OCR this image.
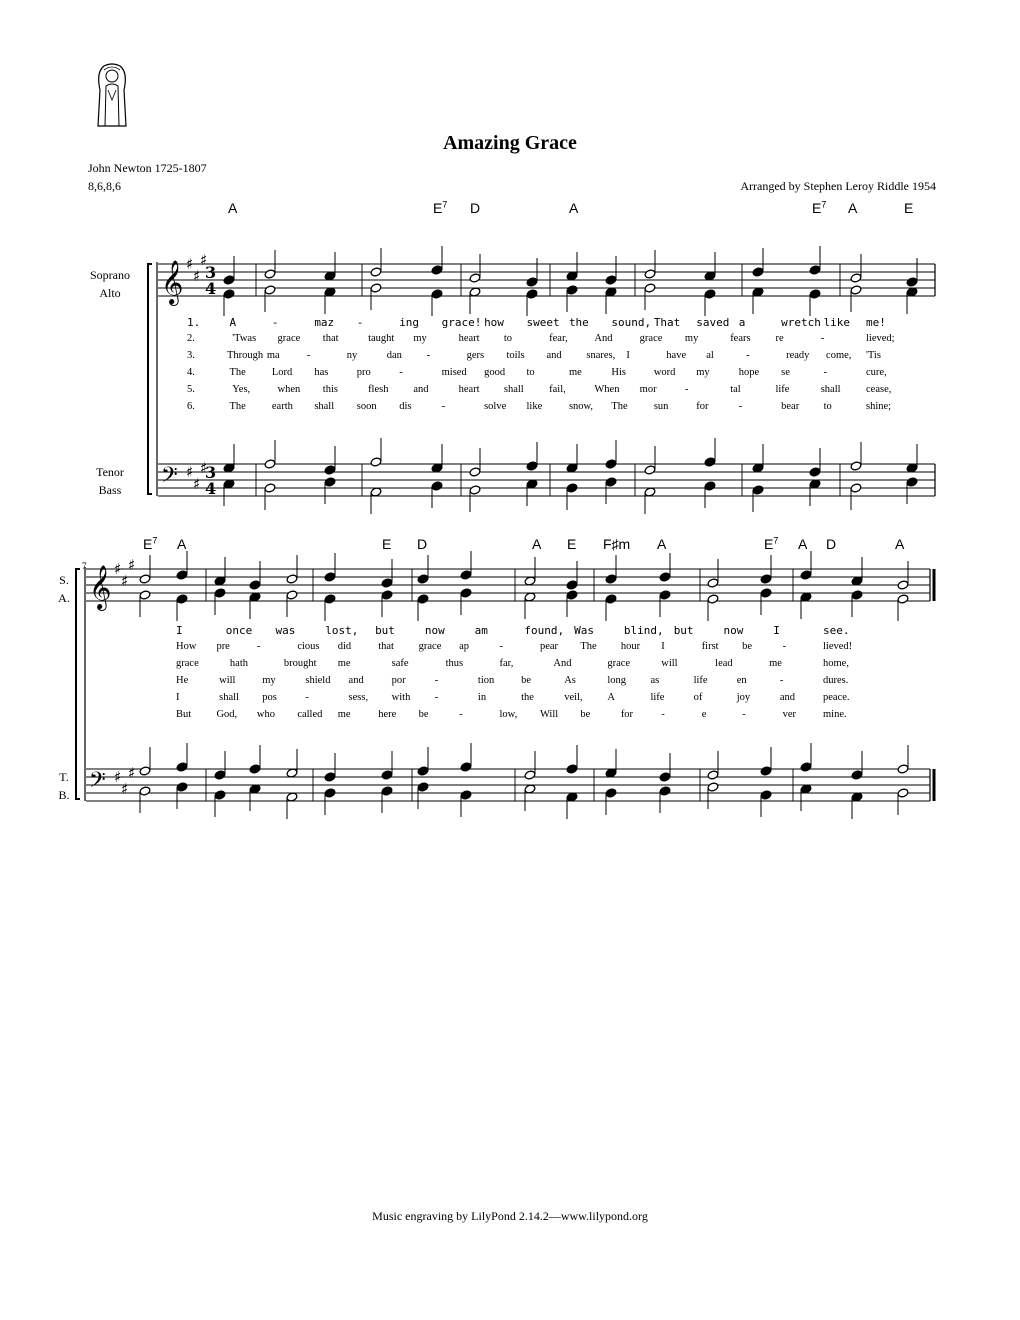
Amazing Grace
John Newton 1725-1807
8,6,8,6	Arranged by Stephen Leroy Riddle 1954
A	$E^7$ D	A	$E^7$ A	E
Soprano
Alto
Tenor
Bass
𝄞 ♯
♯
♯
3
4
𝄢 ♯
♯
♯
3
4
1.	A	-	maz -	ing grace! how sweet the sound, That saved a	wretch like me!
2.	'Twas grace that	taught my	heart to	fear,	And	grace my	fears re	-	lieved;
3.	Through ma	-	ny	dan -	gers toils and snares, I	have al	-	ready come, 'Tis
4.	The Lord has	pro	-	mised good to	me	His	word my	hope se	-	cure,
5.	Yes,	when this	flesh and	heart shall fail,	When mor	-	tal	life	shall cease,
6.	The earth shall soon dis	-	solve like	snow, The sun	for	-	bear to	shine;
$E^7$ A	E D	A E F♯m A	$E^7$ A D	A
S.
A.
T.
B.
7 𝄞 ♯
♯
♯
𝄢 ♯
♯
♯
I	once was	lost, but	now	am	found, Was	blind, but	now	I	see.
How pre	-	cious did	that grace ap	-	pear The hour I	first be	-	lieved!
grace	hath	brought me	safe	thus	far,	And	grace	will	lead	me	home,
He	will	my	shield and	por	-	tion	be	As	long as	life	en	-	dures.
I	shall pos	-	sess, with -	in	the	veil, A	life	of	joy	and	peace.
But God, who called me	here be	-	low, Will be	for	-	e	-	ver	mine.
Music engraving by LilyPond 2.14.2—www.lilypond.org
